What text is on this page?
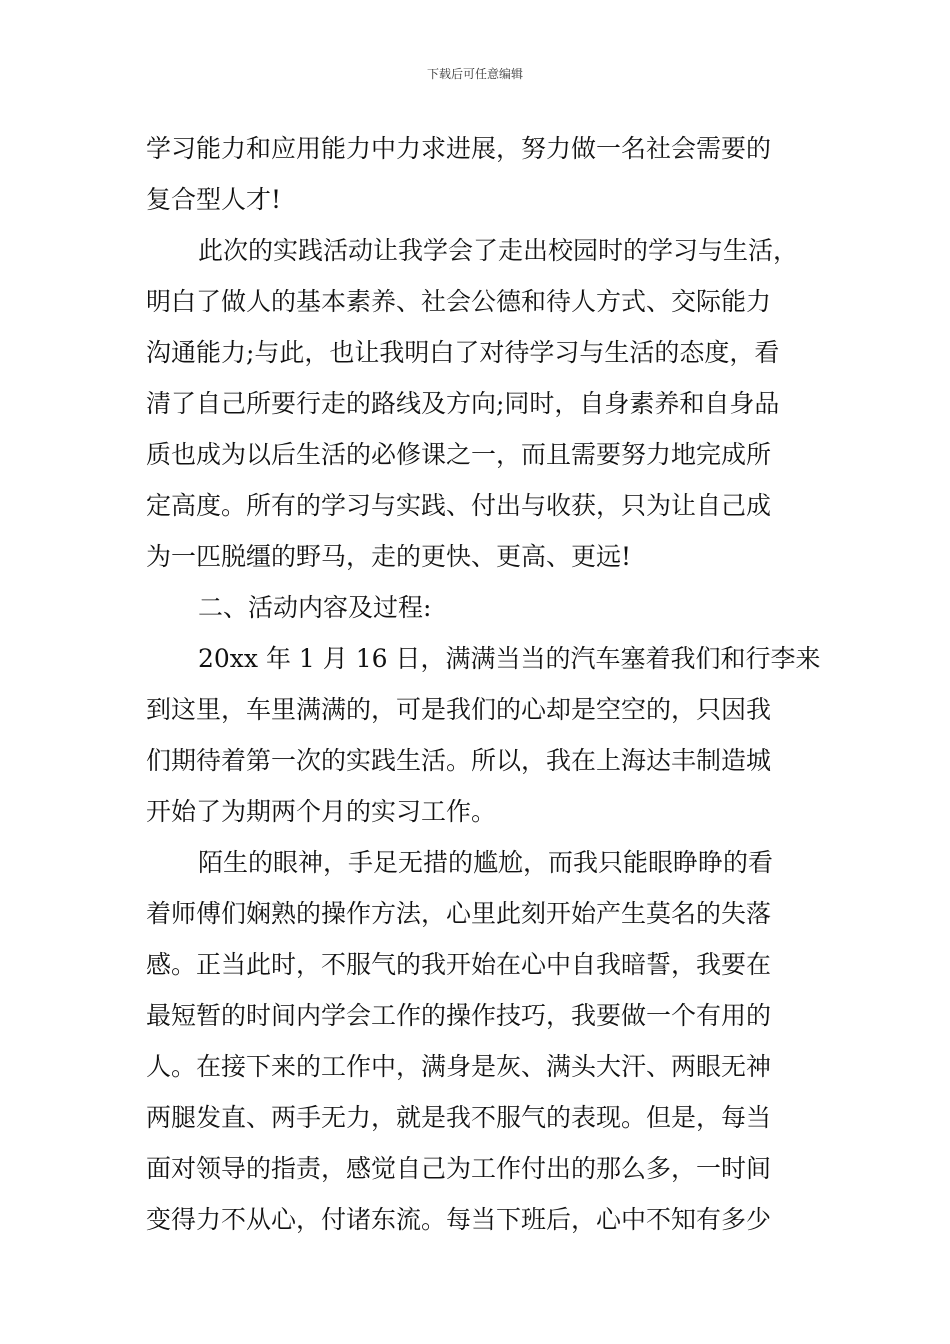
下载后可任意编辑
学习能力和应用能力中力求进展，努力做一名社会需要的
复合型人才!
此次的实践活动让我学会了走出校园时的学习与生活，
明白了做人的基本素养、社会公德和待人方式、交际能力
沟通能力;与此，也让我明白了对待学习与生活的态度，看
清了自己所要行走的路线及方向;同时，自身素养和自身品
质也成为以后生活的必修课之一，而且需要努力地完成所
定高度。所有的学习与实践、付出与收获，只为让自己成
为一匹脱缰的野马，走的更快、更高、更远!
二、活动内容及过程:
20xx 年 1 月 16 日，满满当当的汽车塞着我们和行李来
到这里，车里满满的，可是我们的心却是空空的，只因我
们期待着第一次的实践生活。所以，我在上海达丰制造城
开始了为期两个月的实习工作。
陌生的眼神，手足无措的尴尬，而我只能眼睁睁的看
着师傅们娴熟的操作方法，心里此刻开始产生莫名的失落
感。正当此时，不服气的我开始在心中自我暗誓，我要在
最短暂的时间内学会工作的操作技巧，我要做一个有用的
人。在接下来的工作中，满身是灰、满头大汗、两眼无神
两腿发直、两手无力，就是我不服气的表现。但是，每当
面对领导的指责，感觉自己为工作付出的那么多，一时间
变得力不从心，付诸东流。每当下班后，心中不知有多少
